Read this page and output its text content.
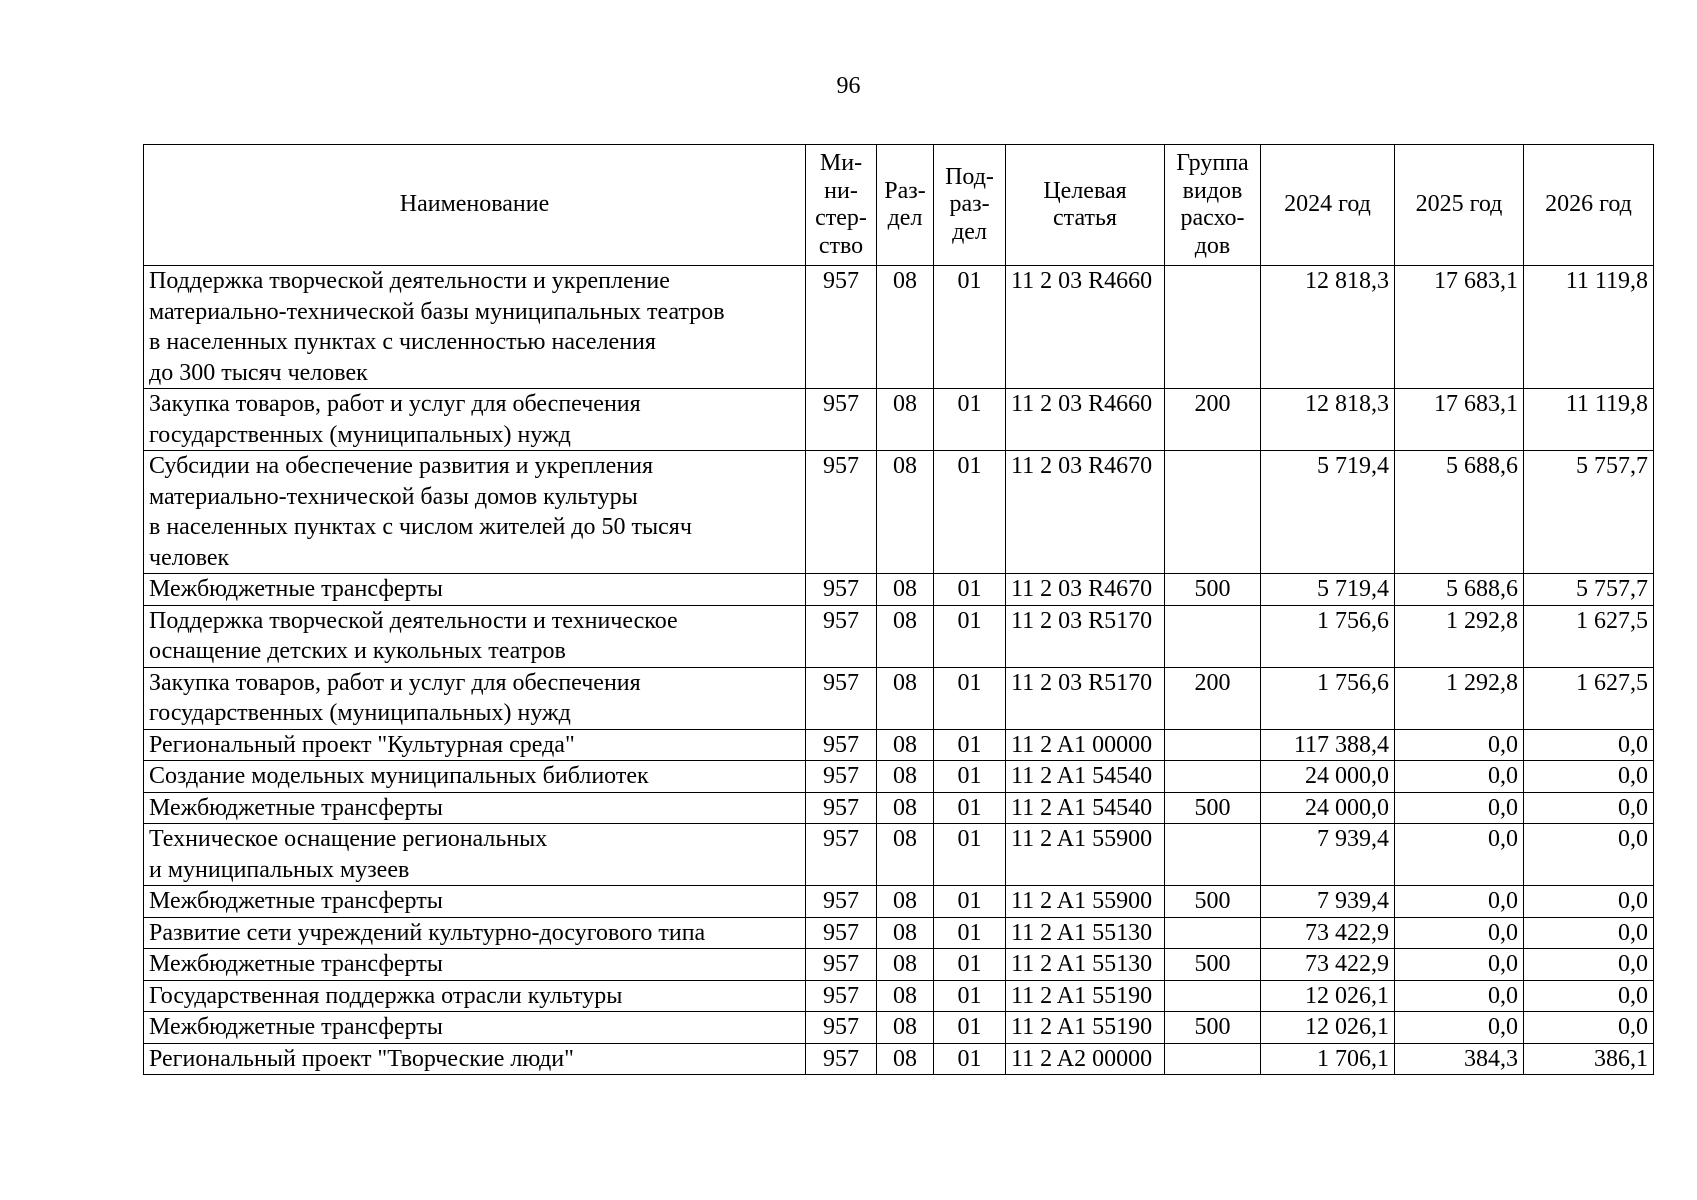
96
Наименование	Ми-
ни-
стер-
ство	Раз-
дел	Под-
раз-
дел	Целевая
статья	Группа
видов
расхо-
дов	2024 год	2025 год	2026 год
Поддержка творческой деятельности и укрепление
материально-технической базы муниципальных театров
в населенных пунктах с численностью населения
до 300 тысяч человек	957	08	01	11 2 03 R4660		12 818,3	17 683,1	11 119,8
Закупка товаров, работ и услуг для обеспечения
государственных (муниципальных) нужд	957	08	01	11 2 03 R4660	200	12 818,3	17 683,1	11 119,8
Субсидии на обеспечение развития и укрепления
материально-технической базы домов культуры
в населенных пунктах с числом жителей до 50 тысяч
человек	957	08	01	11 2 03 R4670		5 719,4	5 688,6	5 757,7
Межбюджетные трансферты	957	08	01	11 2 03 R4670	500	5 719,4	5 688,6	5 757,7
Поддержка творческой деятельности и техническое
оснащение детских и кукольных театров	957	08	01	11 2 03 R5170		1 756,6	1 292,8	1 627,5
Закупка товаров, работ и услуг для обеспечения
государственных (муниципальных) нужд	957	08	01	11 2 03 R5170	200	1 756,6	1 292,8	1 627,5
Региональный проект "Культурная среда"	957	08	01	11 2 A1 00000		117 388,4	0,0	0,0
Создание модельных муниципальных библиотек	957	08	01	11 2 A1 54540		24 000,0	0,0	0,0
Межбюджетные трансферты	957	08	01	11 2 A1 54540	500	24 000,0	0,0	0,0
Техническое оснащение региональных
и муниципальных музеев	957	08	01	11 2 A1 55900		7 939,4	0,0	0,0
Межбюджетные трансферты	957	08	01	11 2 A1 55900	500	7 939,4	0,0	0,0
Развитие сети учреждений культурно-досугового типа	957	08	01	11 2 A1 55130		73 422,9	0,0	0,0
Межбюджетные трансферты	957	08	01	11 2 A1 55130	500	73 422,9	0,0	0,0
Государственная поддержка отрасли культуры	957	08	01	11 2 A1 55190		12 026,1	0,0	0,0
Межбюджетные трансферты	957	08	01	11 2 A1 55190	500	12 026,1	0,0	0,0
Региональный проект "Творческие люди"	957	08	01	11 2 A2 00000		1 706,1	384,3	386,1
